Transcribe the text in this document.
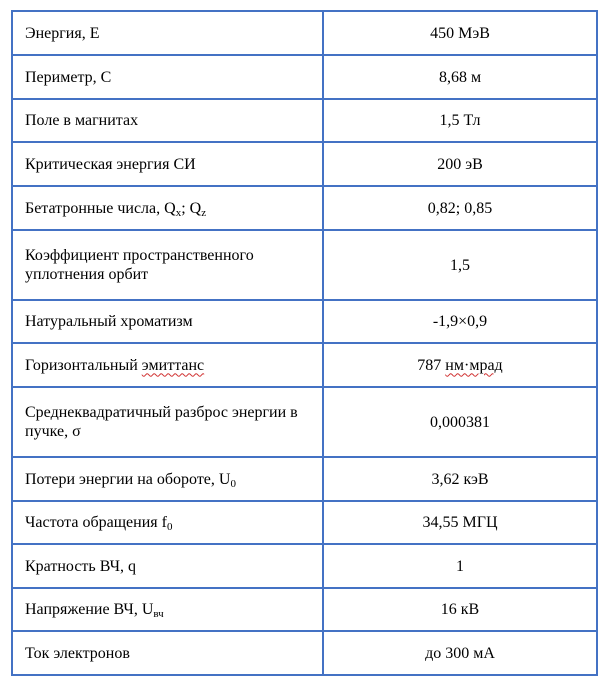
Энергия, E	450 МэВ
Периметр, C	8,68 м
Поле в магнитах	1,5 Тл
Критическая энергия СИ	200 эВ
Бетатронные числа, $Q_x$; $Q_z$	0,82; 0,85
Коэффициент пространственного уплотнения орбит	1,5
Натуральный хроматизм	-1,9×0,9
Горизонтальный эмиттанс	787 нм·мрад
Среднеквадратичный разброс энергии в пучке, σ	0,000381
Потери энергии на обороте, $U_0$	3,62 кэВ
Частота обращения $f_0$	34,55 МГЦ
Кратность ВЧ, q	1
Напряжение ВЧ, $U_{вч}$	16 кВ
Ток электронов	до 300 мА
